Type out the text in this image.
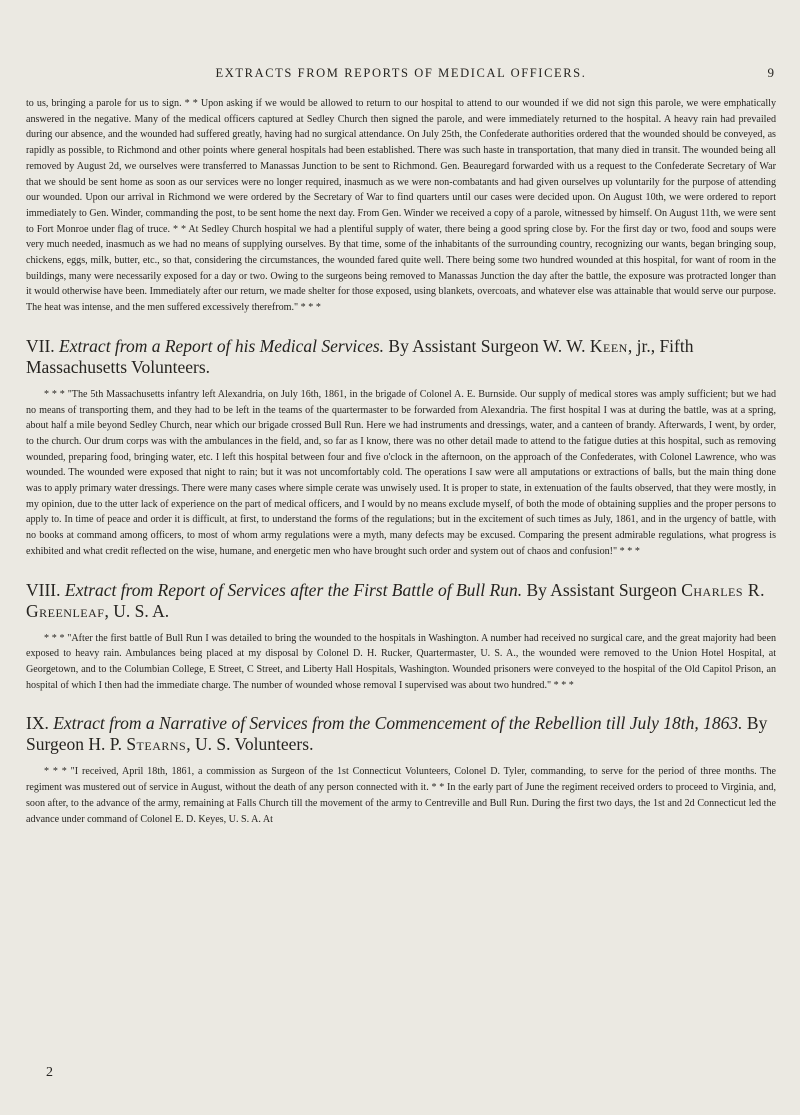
EXTRACTS FROM REPORTS OF MEDICAL OFFICERS.	9

to us, bringing a parole for us to sign. * * Upon asking if we would be allowed to return to our hospital to attend to our wounded if we did not sign this parole, we were emphatically answered in the negative. Many of the medical officers captured at Sedley Church then signed the parole, and were immediately returned to the hospital. A heavy rain had prevailed during our absence, and the wounded had suffered greatly, having had no surgical attendance. On July 25th, the Confederate authorities ordered that the wounded should be conveyed, as rapidly as possible, to Richmond and other points where general hospitals had been established. There was such haste in transportation, that many died in transit. The wounded being all removed by August 2d, we ourselves were transferred to Manassas Junction to be sent to Richmond. Gen. Beauregard forwarded with us a request to the Confederate Secretary of War that we should be sent home as soon as our services were no longer required, inasmuch as we were non-combatants and had given ourselves up voluntarily for the purpose of attending our wounded. Upon our arrival in Richmond we were ordered by the Secretary of War to find quarters until our cases were decided upon. On August 10th, we were ordered to report immediately to Gen. Winder, commanding the post, to be sent home the next day. From Gen. Winder we received a copy of a parole, witnessed by himself. On August 11th, we were sent to Fort Monroe under flag of truce. * * At Sedley Church hospital we had a plentiful supply of water, there being a good spring close by. For the first day or two, food and soups were very much needed, inasmuch as we had no means of supplying ourselves. By that time, some of the inhabitants of the surrounding country, recognizing our wants, began bringing soup, chickens, eggs, milk, butter, etc., so that, considering the circumstances, the wounded fared quite well. There being some two hundred wounded at this hospital, for want of room in the buildings, many were necessarily exposed for a day or two. Owing to the surgeons being removed to Manassas Junction the day after the battle, the exposure was protracted longer than it would otherwise have been. Immediately after our return, we made shelter for those exposed, using blankets, overcoats, and whatever else was attainable that would serve our purpose. The heat was intense, and the men suffered excessively therefrom." * * *

VII. Extract from a Report of his Medical Services. By Assistant Surgeon W. W. Keen, jr., Fifth Massachusetts Volunteers.

* * * "The 5th Massachusetts infantry left Alexandria, on July 16th, 1861, in the brigade of Colonel A. E. Burnside. Our supply of medical stores was amply sufficient; but we had no means of transporting them, and they had to be left in the teams of the quartermaster to be forwarded from Alexandria. The first hospital I was at during the battle, was at a spring, about half a mile beyond Sedley Church, near which our brigade crossed Bull Run. Here we had instruments and dressings, water, and a canteen of brandy. Afterwards, I went, by order, to the church. Our drum corps was with the ambulances in the field, and, so far as I know, there was no other detail made to attend to the fatigue duties at this hospital, such as removing wounded, preparing food, bringing water, etc. I left this hospital between four and five o'clock in the afternoon, on the approach of the Confederates, with Colonel Lawrence, who was wounded. The wounded were exposed that night to rain; but it was not uncomfortably cold. The operations I saw were all amputations or extractions of balls, but the main thing done was to apply primary water dressings. There were many cases where simple cerate was unwisely used. It is proper to state, in extenuation of the faults observed, that they were mostly, in my opinion, due to the utter lack of experience on the part of medical officers, and I would by no means exclude myself, of both the mode of obtaining supplies and the proper persons to apply to. In time of peace and order it is difficult, at first, to understand the forms of the regulations; but in the excitement of such times as July, 1861, and in the urgency of battle, with no books at command among officers, to most of whom army regulations were a myth, many defects may be excused. Comparing the present admirable regulations, what progress is exhibited and what credit reflected on the wise, humane, and energetic men who have brought such order and system out of chaos and confusion!" * * *

VIII. Extract from Report of Services after the First Battle of Bull Run. By Assistant Surgeon Charles R. Greenleaf, U. S. A.

* * * "After the first battle of Bull Run I was detailed to bring the wounded to the hospitals in Washington. A number had received no surgical care, and the great majority had been exposed to heavy rain. Ambulances being placed at my disposal by Colonel D. H. Rucker, Quartermaster, U. S. A., the wounded were removed to the Union Hotel Hospital, at Georgetown, and to the Columbian College, E Street, C Street, and Liberty Hall Hospitals, Washington. Wounded prisoners were conveyed to the hospital of the Old Capitol Prison, an hospital of which I then had the immediate charge. The number of wounded whose removal I supervised was about two hundred." * * *

IX. Extract from a Narrative of Services from the Commencement of the Rebellion till July 18th, 1863. By Surgeon H. P. Stearns, U. S. Volunteers.

* * * "I received, April 18th, 1861, a commission as Surgeon of the 1st Connecticut Volunteers, Colonel D. Tyler, commanding, to serve for the period of three months. The regiment was mustered out of service in August, without the death of any person connected with it. * * In the early part of June the regiment received orders to proceed to Virginia, and, soon after, to the advance of the army, remaining at Falls Church till the movement of the army to Centreville and Bull Run. During the first two days, the 1st and 2d Connecticut led the advance under command of Colonel E. D. Keyes, U. S. A. At

2
